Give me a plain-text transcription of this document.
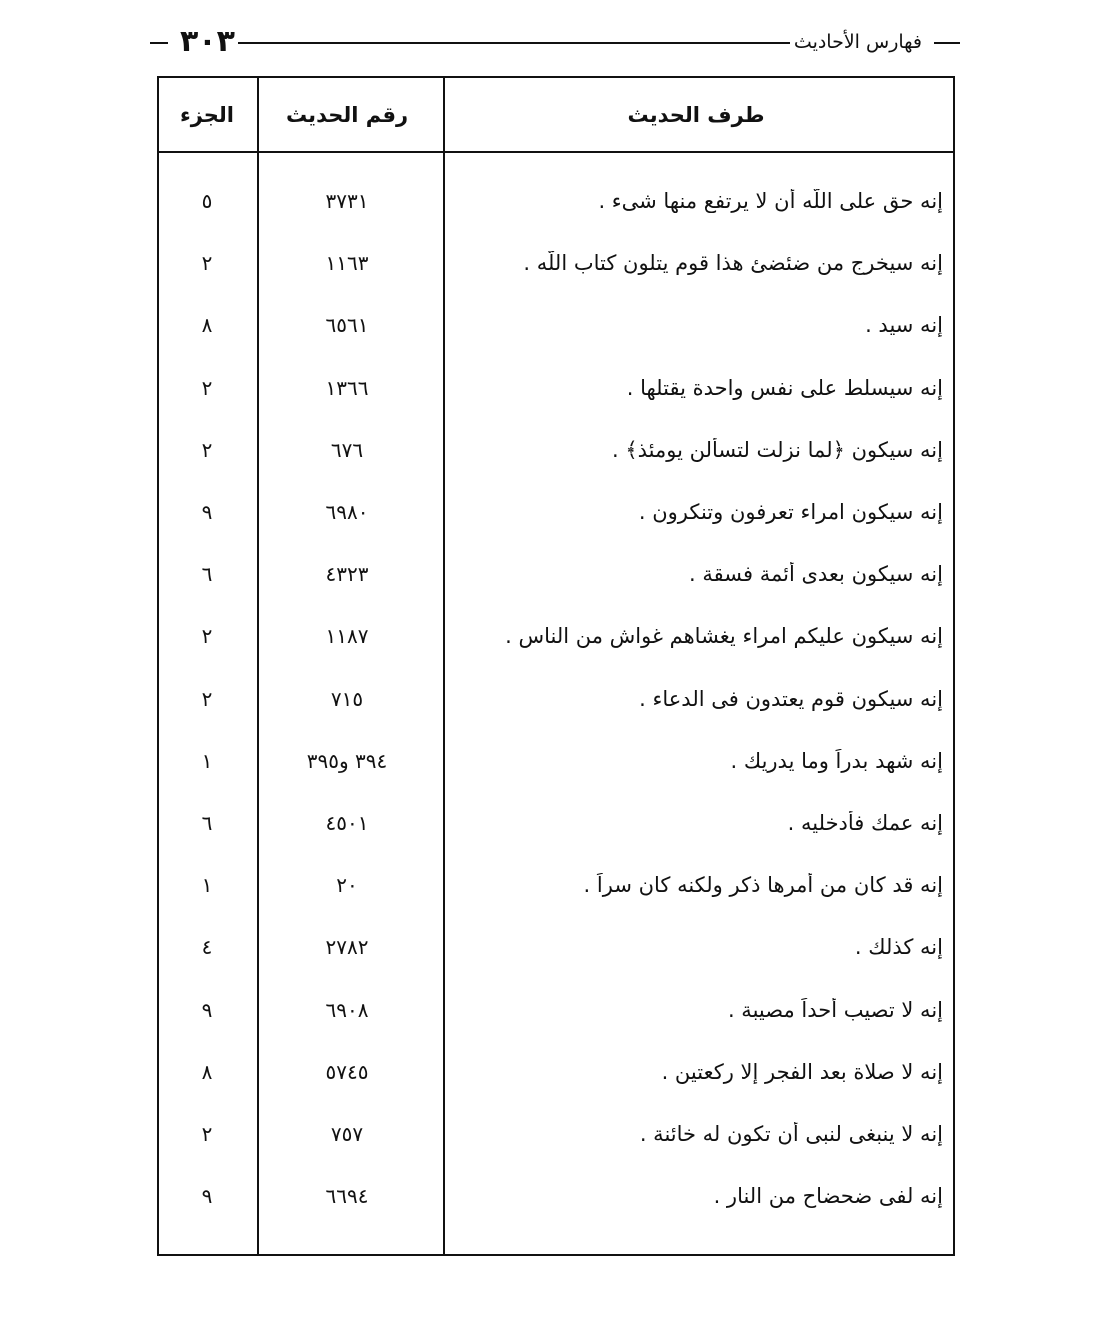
٣٠٣	فهارس الأحاديث
طرف الحديث
رقم الحديث
الجزء
إنه حق على اللَّه أن لا يرتفع منها شىء .
٣٧٣١
٥
إنه سيخرج من ضئضئ هذا قوم يتلون كتاب اللَّه .
١١٦٣
٢
إنه سيد .
٦٥٦١
٨
إنه سيسلط على نفس واحدة يقتلها .
١٣٦٦
٢
إنه سيكون ﴿لما نزلت لتسألن يومئذ﴾ .
٦٧٦
٢
إنه سيكون امراء تعرفون وتنكرون .
٦٩٨٠
٩
إنه سيكون بعدى أئمة فسقة .
٤٣٢٣
٦
إنه سيكون عليكم امراء يغشاهم غواش من الناس .
١١٨٧
٢
إنه سيكون قوم يعتدون فى الدعاء .
٧١٥
٢
إنه شهد بدراً وما يدريك .
٣٩٤ و٣٩٥
١
إنه عمك فأدخليه .
٤٥٠١
٦
إنه قد كان من أمرها ذكر ولكنه كان سراً .
٢٠
١
إنه كذلك .
٢٧٨٢
٤
إنه لا تصيب أحداً مصيبة .
٦٩٠٨
٩
إنه لا صلاة بعد الفجر إلا ركعتين .
٥٧٤٥
٨
إنه لا ينبغى لنبى أن تكون له خائنة .
٧٥٧
٢
إنه لفى ضحضاح من النار .
٦٦٩٤
٩
